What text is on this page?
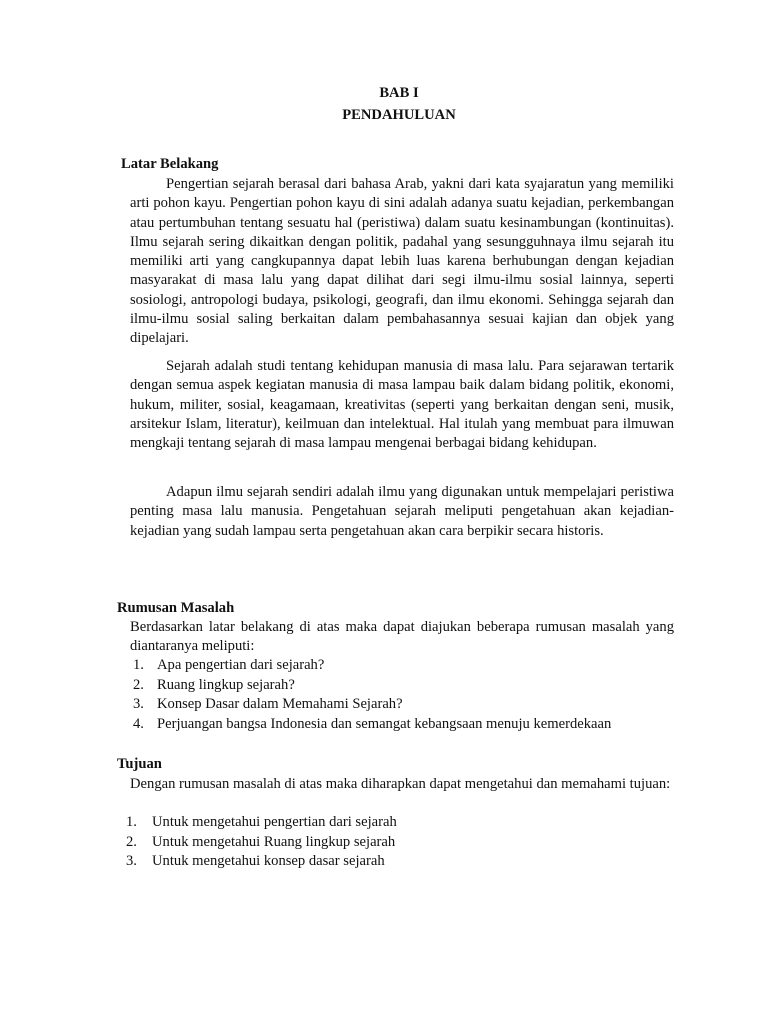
BAB I

PENDAHULUAN

Latar Belakang

Pengertian sejarah berasal dari bahasa Arab, yakni dari kata syajaratun yang memiliki arti pohon kayu. Pengertian pohon kayu di sini adalah adanya suatu kejadian, perkembangan atau pertumbuhan tentang sesuatu hal (peristiwa) dalam suatu kesinambungan (kontinuitas). Ilmu sejarah sering dikaitkan dengan politik, padahal yang sesungguhnaya ilmu sejarah itu memiliki arti yang cangkupannya dapat lebih luas karena berhubungan dengan kejadian masyarakat di masa lalu yang dapat dilihat dari segi ilmu-ilmu sosial lainnya, seperti sosiologi, antropologi budaya, psikologi, geografi, dan ilmu ekonomi. Sehingga sejarah dan ilmu-ilmu sosial saling berkaitan dalam pembahasannya sesuai kajian dan objek yang dipelajari.

Sejarah adalah studi tentang kehidupan manusia di masa lalu. Para sejarawan tertarik dengan semua aspek kegiatan manusia di masa lampau baik dalam bidang politik, ekonomi, hukum, militer, sosial, keagamaan, kreativitas (seperti yang berkaitan dengan seni, musik, arsitekur Islam, literatur), keilmuan dan intelektual. Hal itulah yang membuat para ilmuwan mengkaji tentang sejarah di masa lampau mengenai berbagai bidang kehidupan.

Adapun ilmu sejarah sendiri adalah ilmu yang digunakan untuk mempelajari peristiwa penting masa lalu manusia. Pengetahuan sejarah meliputi pengetahuan akan kejadian-kejadian yang sudah lampau serta pengetahuan akan cara berpikir secara historis.

Rumusan Masalah

Berdasarkan latar belakang di atas maka dapat diajukan beberapa rumusan masalah yang diantaranya meliputi:

1. Apa pengertian dari sejarah?
2. Ruang lingkup sejarah?
3. Konsep Dasar dalam Memahami Sejarah?
4. Perjuangan bangsa Indonesia dan semangat kebangsaan menuju kemerdekaan
Tujuan

Dengan rumusan masalah di atas maka diharapkan dapat mengetahui dan memahami tujuan:

1. Untuk mengetahui pengertian dari sejarah
2. Untuk mengetahui Ruang lingkup sejarah
3. Untuk mengetahui konsep dasar sejarah
